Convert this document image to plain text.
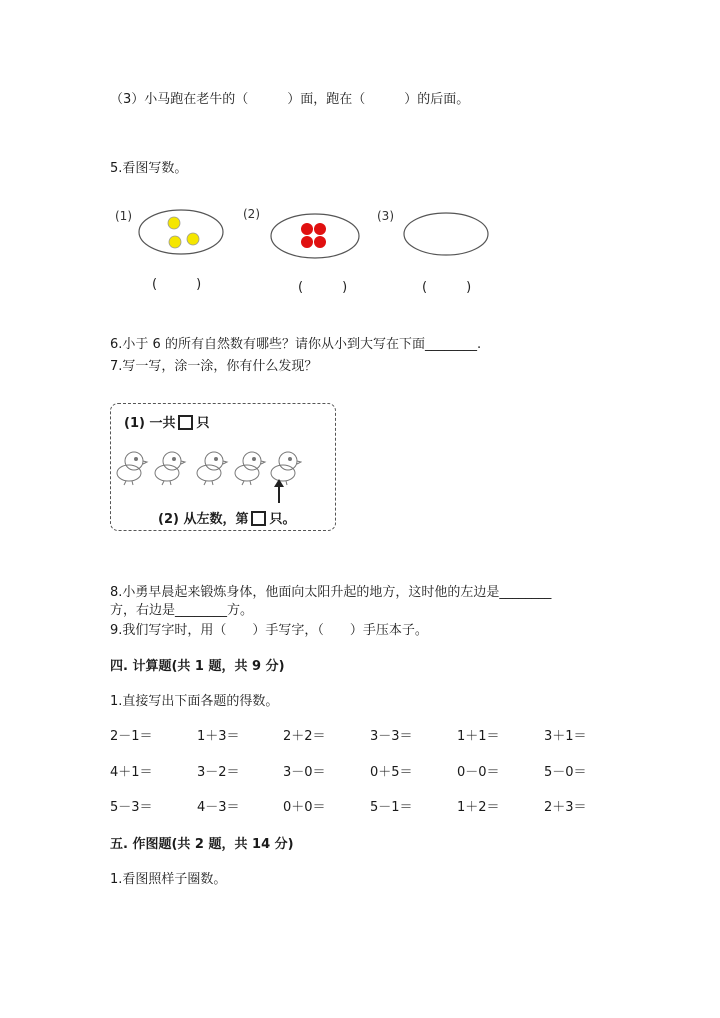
（3）小马跑在老牛的（　　　）面，跑在（　　　）的后面。
5.看图写数。
(1)	(2)	(3)
(　　　)	(　　　)	(　　　)
6.小于 6 的所有自然数有哪些？请你从小到大写在下面________.
7.写一写，涂一涂，你有什么发现？
(1) 一共 只
(2) 从左数，第 只。
8.小勇早晨起来锻炼身体，他面向太阳升起的地方，这时他的左边是________
方，右边是________方。
9.我们写字时，用（　　）手写字，（　　）手压本子。
四. 计算题(共 1 题，共 9 分)
1.直接写出下面各题的得数。
2－1＝	1＋3＝	2＋2＝	3－3＝	1＋1＝	3＋1＝
4＋1＝	3－2＝	3－0＝	0＋5＝	0－0＝	5－0＝
5－3＝	4－3＝	0＋0＝	5－1＝	1＋2＝	2＋3＝
五. 作图题(共 2 题，共 14 分)
1.看图照样子圈数。
